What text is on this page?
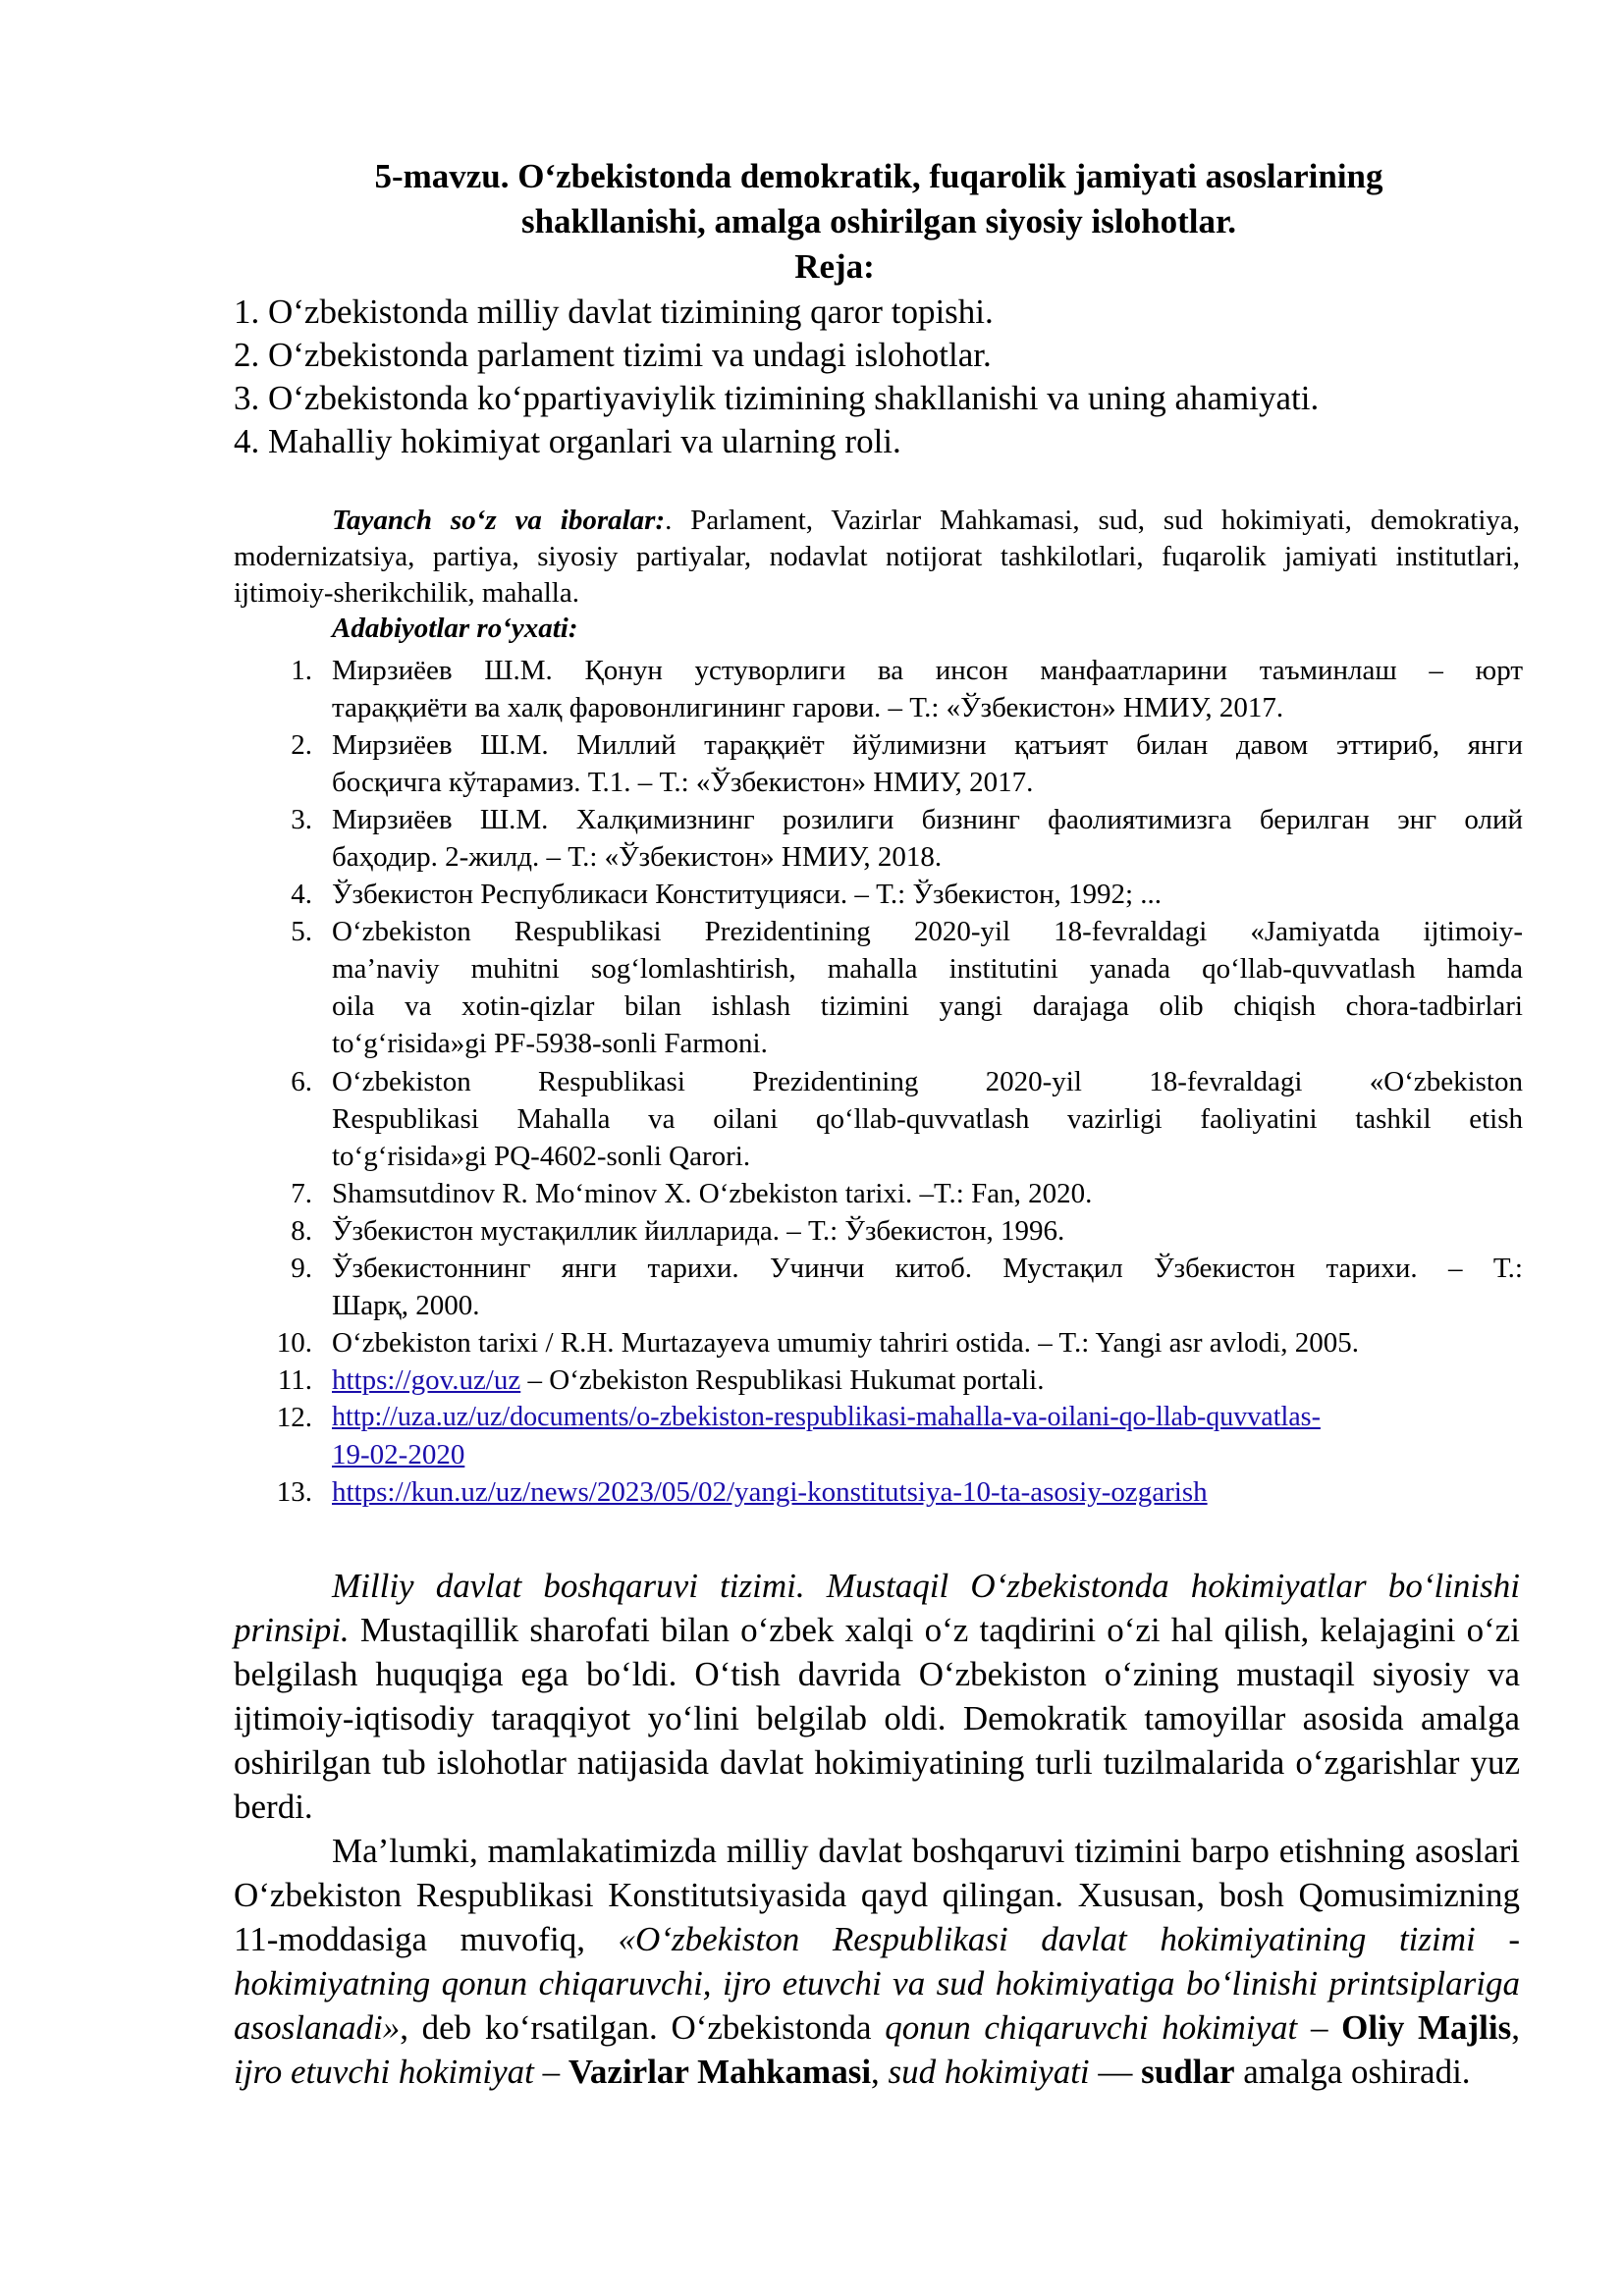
5-mavzu. O‘zbekistonda demokratik, fuqarolik jamiyati asoslarining
shakllanishi, amalga oshirilgan siyosiy islohotlar.
Reja:
1. O‘zbekistonda milliy davlat tizimining qaror topishi.
2. O‘zbekistonda parlament tizimi va undagi islohotlar.
3. O‘zbekistonda ko‘ppartiyaviylik tizimining shakllanishi va uning ahamiyati.
4. Mahalliy hokimiyat organlari va ularning roli.
Tayanch so‘z va iboralar:. Parlament, Vazirlar Mahkamasi, sud, sud hokimiyati, demokratiya, modernizatsiya, partiya, siyosiy partiyalar, nodavlat notijorat tashkilotlari, fuqarolik jamiyati institutlari, ijtimoiy-sherikchilik, mahalla.
Adabiyotlar ro‘yxati:
1. Мирзиёев Ш.М. Қонун устуворлиги ва инсон манфаатларини таъминлаш – юрт
тараққиёти ва халқ фаровонлигининг гарови. – Т.: «Ўзбекистон» НМИУ, 2017.
2. Мирзиёев Ш.М. Миллий тараққиёт йўлимизни қатъият билан давом эттириб, янги
босқичга кўтарамиз. Т.1. – Т.: «Ўзбекистон» НМИУ, 2017.
3. Мирзиёев Ш.М. Халқимизнинг розилиги бизнинг фаолиятимизга берилган энг олий
баҳодир. 2-жилд. – Т.: «Ўзбекистон» НМИУ, 2018.
4. Ўзбекистон Республикаси Конституцияси. – Т.: Ўзбекистон, 1992; ...
5. O‘zbekiston Respublikasi Prezidentining 2020-yil 18-fevraldagi «Jamiyatda ijtimoiy-
ma’naviy muhitni sog‘lomlashtirish, mahalla institutini yanada qo‘llab-quvvatlash hamda
oila va xotin-qizlar bilan ishlash tizimini yangi darajaga olib chiqish chora-tadbirlari
to‘g‘risida»gi PF-5938-sonli Farmoni.
6. O‘zbekiston Respublikasi Prezidentining 2020-yil 18-fevraldagi «O‘zbekiston
Respublikasi Mahalla va oilani qo‘llab-quvvatlash vazirligi faoliyatini tashkil etish
to‘g‘risida»gi PQ-4602-sonli Qarori.
7. Shamsutdinov R. Mo‘minov X. O‘zbekiston tarixi. –T.: Fan, 2020.
8. Ўзбекистон мустақиллик йилларида. – Т.: Ўзбекистон, 1996.
9. Ўзбекистоннинг янги тарихи. Учинчи китоб. Мустақил Ўзбекистон тарихи. – Т.:
Шарқ, 2000.
10. O‘zbekiston tarixi / R.H. Murtazayeva umumiy tahriri ostida. – T.: Yangi asr avlodi, 2005.
11. https://gov.uz/uz – O‘zbekiston Respublikasi Hukumat portali.
12. http://uza.uz/uz/documents/o-zbekiston-respublikasi-mahalla-va-oilani-qo-llab-quvvatlas-
19-02-2020
13. https://kun.uz/uz/news/2023/05/02/yangi-konstitutsiya-10-ta-asosiy-ozgarish
Milliy davlat boshqaruvi tizimi. Mustaqil O‘zbekistonda hokimiyatlar bo‘linishi prinsipi. Mustaqillik sharofati bilan o‘zbek xalqi o‘z taqdirini o‘zi hal qilish, kelajagini o‘zi belgilash huquqiga ega bo‘ldi. O‘tish davrida O‘zbekiston o‘zining mustaqil siyosiy va ijtimoiy-iqtisodiy taraqqiyot yo‘lini belgilab oldi. Demokratik tamoyillar asosida amalga oshirilgan tub islohotlar natijasida davlat hokimiyatining turli tuzilmalarida o‘zgarishlar yuz berdi.
Ma’lumki, mamlakatimizda milliy davlat boshqaruvi tizimini barpo etishning asoslari O‘zbekiston Respublikasi Konstitutsiyasida qayd qilingan. Xususan, bosh Qomusimizning 11-moddasiga muvofiq, «O‘zbekiston Respublikasi davlat hokimiyatining tizimi - hokimiyatning qonun chiqaruvchi, ijro etuvchi va sud hokimiyatiga bo‘linishi printsiplariga asoslanadi», deb ko‘rsatilgan. O‘zbekistonda qonun chiqaruvchi hokimiyat – Oliy Majlis, ijro etuvchi hokimiyat – Vazirlar Mahkamasi, sud hokimiyati — sudlar amalga oshiradi.
